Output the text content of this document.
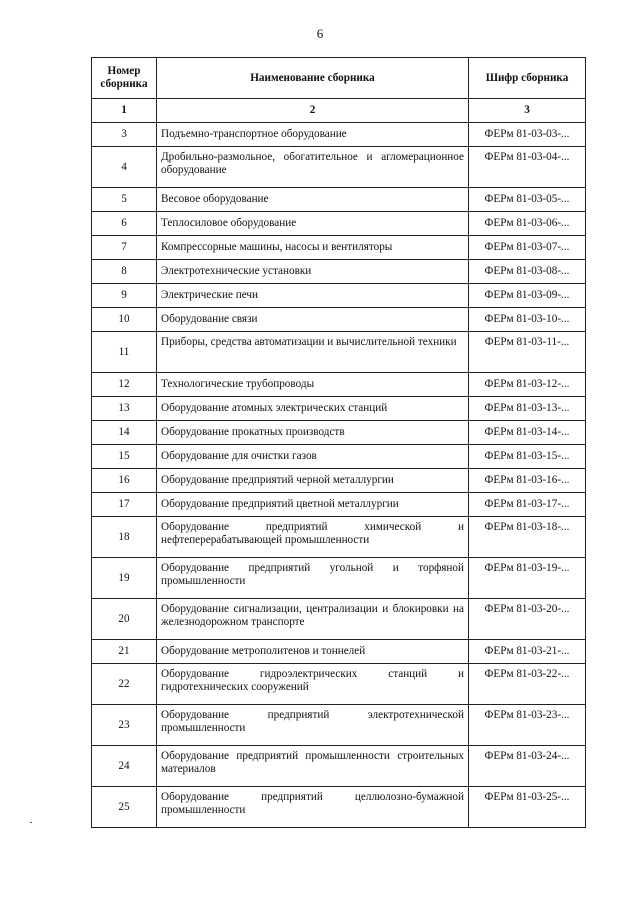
6
Номер сборника	Наименование сборника	Шифр сборника
1	2	3
3	Подъемно-транспортное оборудование	ФЕРм 81-03-03-...
4	Дробильно-размольное, обогатительное и агломерационное оборудование	ФЕРм 81-03-04-...
5	Весовое оборудование	ФЕРм 81-03-05-...
6	Теплосиловое оборудование	ФЕРм 81-03-06-...
7	Компрессорные машины, насосы и вентиляторы	ФЕРм 81-03-07-...
8	Электротехнические установки	ФЕРм 81-03-08-...
9	Электрические печи	ФЕРм 81-03-09-...
10	Оборудование связи	ФЕРм 81-03-10-...
11	Приборы, средства автоматизации и вычислительной техники	ФЕРм 81-03-11-...
12	Технологические трубопроводы	ФЕРм 81-03-12-...
13	Оборудование атомных электрических станций	ФЕРм 81-03-13-...
14	Оборудование прокатных производств	ФЕРм 81-03-14-...
15	Оборудование для очистки газов	ФЕРм 81-03-15-...
16	Оборудование предприятий черной металлургии	ФЕРм 81-03-16-...
17	Оборудование предприятий цветной металлургии	ФЕРм 81-03-17-...
18	Оборудование предприятий химической и нефтеперерабатывающей промышленности	ФЕРм 81-03-18-...
19	Оборудование предприятий угольной и торфяной промышленности	ФЕРм 81-03-19-...
20	Оборудование сигнализации, централизации и блокировки на железнодорожном транспорте	ФЕРм 81-03-20-...
21	Оборудование метрополитенов и тоннелей	ФЕРм 81-03-21-...
22	Оборудование гидроэлектрических станций и гидротехнических сооружений	ФЕРм 81-03-22-...
23	Оборудование предприятий электротехнической промышленности	ФЕРм 81-03-23-...
24	Оборудование предприятий промышленности строительных материалов	ФЕРм 81-03-24-...
25	Оборудование предприятий целлюлозно-бумажной промышленности	ФЕРм 81-03-25-...
